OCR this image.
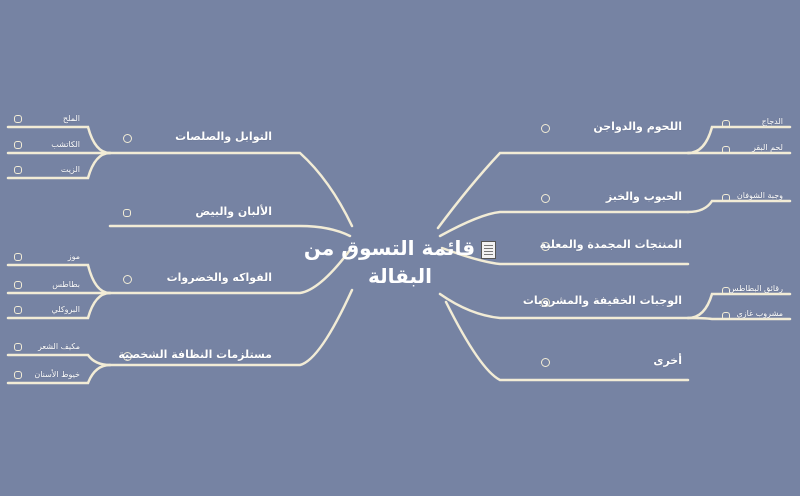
قائمة التسوق من
البقالة
اللحوم والدواجن	الدجاج
لحم البقر
الحبوب والخبز	وجبة الشوفان
المنتجات المجمدة والمعلبة
الوجبات الخفيفة والمشروبات
رقائق البطاطس
مشروب غازي
أخرى
التوابل والصلصات
الملح
الكاتشب
الزيت
الألبان والبيض
الفواكه والخضروات
موز
بطاطس
البروكلي
مستلزمات النظافة الشخصية
مكيف الشعر
خيوط الأسنان
